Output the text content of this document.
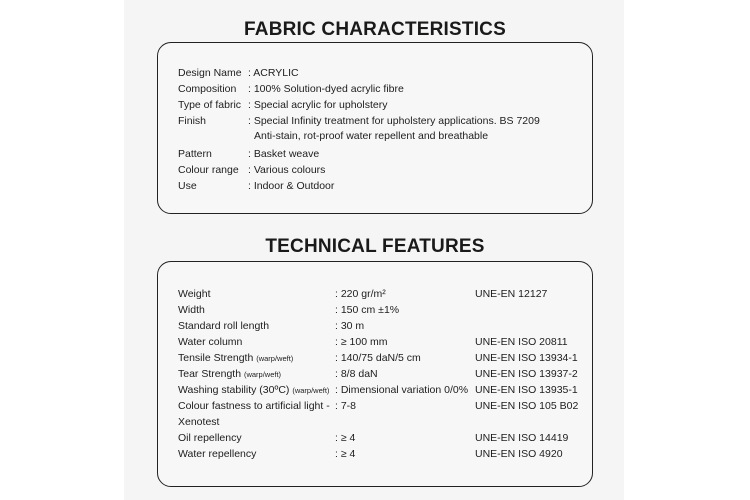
FABRIC CHARACTERISTICS
Design Name : ACRYLIC
Composition : 100% Solution-dyed acrylic fibre
Type of fabric : Special acrylic for upholstery
Finish	: Special Infinity treatment for upholstery applications. BS 7209
Anti-stain, rot-proof water repellent and breathable
Pattern	: Basket weave
Colour range : Various colours
Use	: Indoor & Outdoor
TECHNICAL FEATURES
Weight	: 220 gr/m²	UNE-EN 12127
Width	: 150 cm ±1%
Standard roll length	: 30 m
Water column	: ≥ 100 mm	UNE-EN ISO 20811
Tensile Strength (warp/weft)	: 140/75 daN/5 cm	UNE-EN ISO 13934-1
Tear Strength (warp/weft)	: 8/8 daN	UNE-EN ISO 13937-2
Washing stability (30ºC) (warp/weft) : Dimensional variation 0/0% UNE-EN ISO 13935-1
Colour fastness to artificial light - : 7-8	UNE-EN ISO 105 B02
Xenotest
Oil repellency	: ≥ 4	UNE-EN ISO 14419
Water repellency	: ≥ 4	UNE-EN ISO 4920
